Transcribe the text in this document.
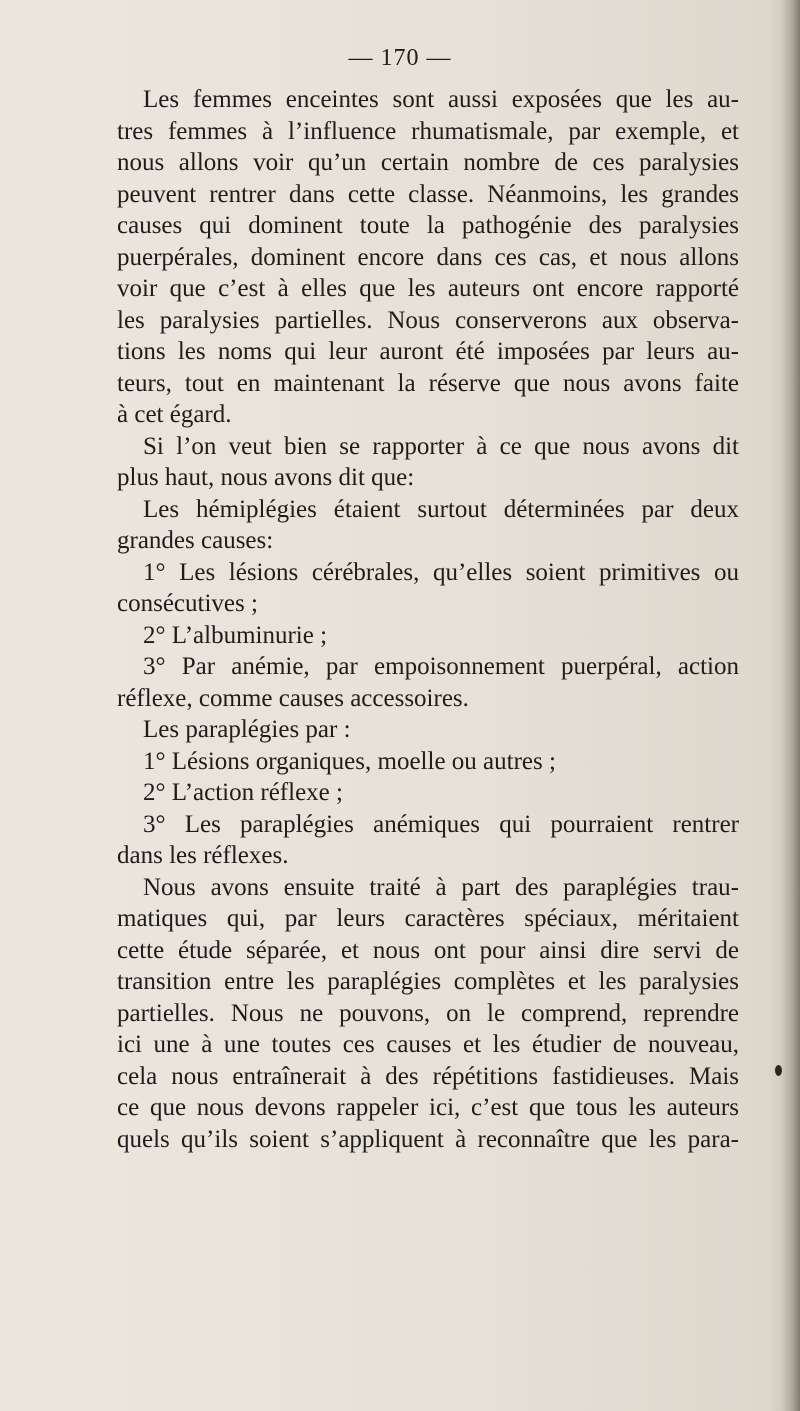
— 170 —
Les femmes enceintes sont aussi exposées que les au-
tres femmes à l’influence rhumatismale, par exemple, et
nous allons voir qu’un certain nombre de ces paralysies
peuvent rentrer dans cette classe. Néanmoins, les grandes
causes qui dominent toute la pathogénie des paralysies
puerpérales, dominent encore dans ces cas, et nous allons
voir que c’est à elles que les auteurs ont encore rapporté
les paralysies partielles. Nous conserverons aux observa-
tions les noms qui leur auront été imposées par leurs au-
teurs, tout en maintenant la réserve que nous avons faite
à cet égard.
Si l’on veut bien se rapporter à ce que nous avons dit
plus haut, nous avons dit que:
Les hémiplégies étaient surtout déterminées par deux
grandes causes:
1° Les lésions cérébrales, qu’elles soient primitives ou
consécutives ;
2° L’albuminurie ;
3° Par anémie, par empoisonnement puerpéral, action
réflexe, comme causes accessoires.
Les paraplégies par :
1° Lésions organiques, moelle ou autres ;
2° L’action réflexe ;
3° Les paraplégies anémiques qui pourraient rentrer
dans les réflexes.
Nous avons ensuite traité à part des paraplégies trau-
matiques qui, par leurs caractères spéciaux, méritaient
cette étude séparée, et nous ont pour ainsi dire servi de
transition entre les paraplégies complètes et les paralysies
partielles. Nous ne pouvons, on le comprend, reprendre
ici une à une toutes ces causes et les étudier de nouveau,
cela nous entraînerait à des répétitions fastidieuses. Mais
ce que nous devons rappeler ici, c’est que tous les auteurs
quels qu’ils soient s’appliquent à reconnaître que les para-
